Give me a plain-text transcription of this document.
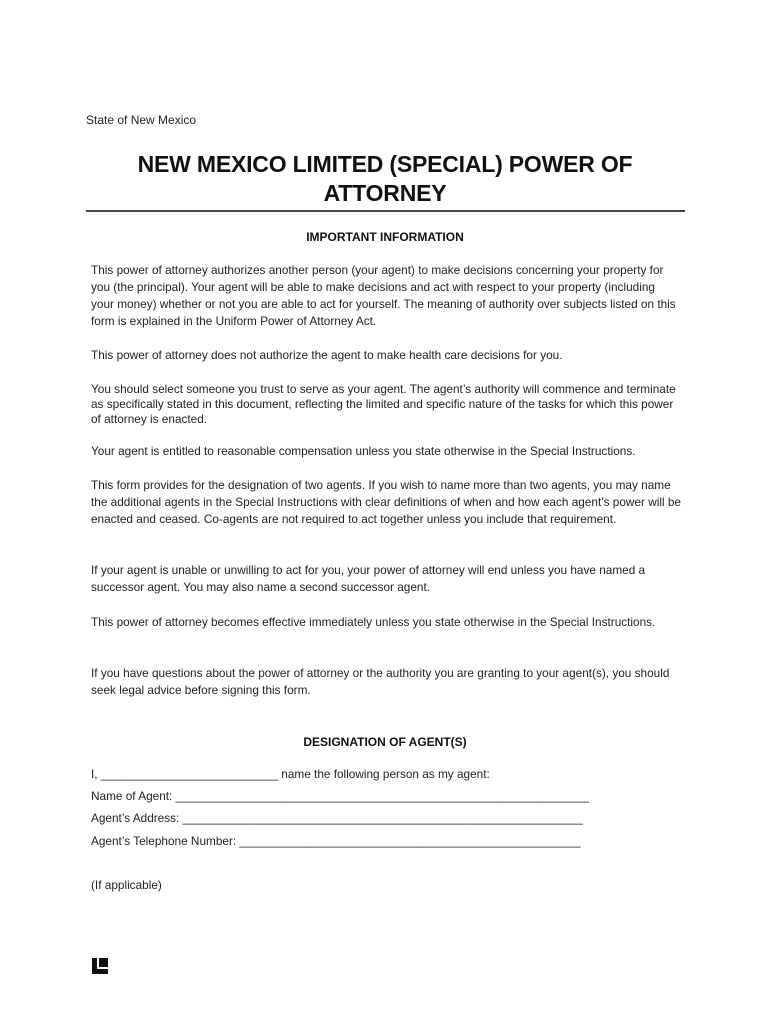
State of New Mexico
NEW MEXICO LIMITED (SPECIAL) POWER OF ATTORNEY
IMPORTANT INFORMATION
This power of attorney authorizes another person (your agent) to make decisions concerning your property for you (the principal). Your agent will be able to make decisions and act with respect to your property (including your money) whether or not you are able to act for yourself. The meaning of authority over subjects listed on this form is explained in the Uniform Power of Attorney Act.
This power of attorney does not authorize the agent to make health care decisions for you.
You should select someone you trust to serve as your agent. The agent’s authority will commence and terminate as specifically stated in this document, reflecting the limited and specific nature of the tasks for which this power of attorney is enacted.
Your agent is entitled to reasonable compensation unless you state otherwise in the Special Instructions.
This form provides for the designation of two agents. If you wish to name more than two agents, you may name the additional agents in the Special Instructions with clear definitions of when and how each agent’s power will be enacted and ceased. Co-agents are not required to act together unless you include that requirement.
If your agent is unable or unwilling to act for you, your power of attorney will end unless you have named a successor agent. You may also name a second successor agent.
This power of attorney becomes effective immediately unless you state otherwise in the Special Instructions.
If you have questions about the power of attorney or the authority you are granting to your agent(s), you should seek legal advice before signing this form.
DESIGNATION OF AGENT(S)
I, ___________________________ name the following person as my agent:
Name of Agent: _______________________________________________________________
Agent’s Address: _____________________________________________________________
Agent’s Telephone Number: ____________________________________________________
(If applicable)
